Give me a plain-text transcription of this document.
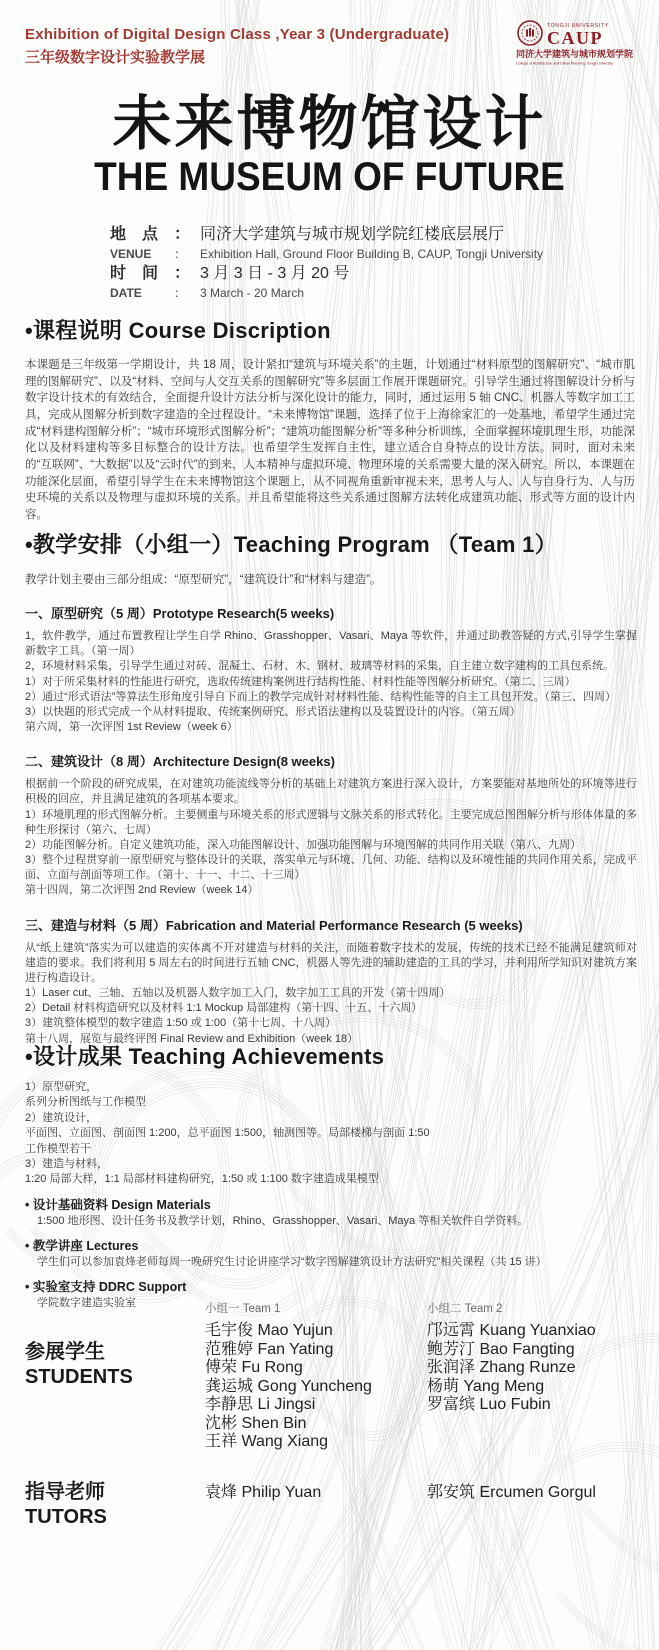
Exhibition of Digital Design Class ,Year 3 (Undergraduate)
三年级数字设计实验教学展
TONGJI UNIVERSITY
CAUP
同济大学建筑与城市规划学院
College of Architecture and Urban Planning, Tongji University
未来博物馆设计
THE MUSEUM OF FUTURE
地　点 ： 同济大学建筑与城市规划学院红楼底层展厅
VENUE	：	Exhibition Hall, Ground Floor Building B, CAUP, Tongji University
时　间 ： 3 月 3 日 - 3 月 20 号
DATE	：	3 March - 20 March
•课程说明 Course Discription
本课题是三年级第一学期设计，共 18 周，设计紧扣“建筑与环境关系”的主题，计划通过“材料原型的图解研究”、“城市肌理的图解研究”、以及“材料、空间与人交互关系的图解研究”等多层面工作展开课题研究。引导学生通过将图解设计分析与数字设计技术的有效结合，全面提升设计方法分析与深化设计的能力，同时，通过运用 5 轴 CNC、机器人等数字加工工具，完成从图解分析到数字建造的全过程设计。“未来博物馆”课题，选择了位于上海徐家汇的一处基地，希望学生通过完成“材料建构图解分析”；“城市环境形式图解分析”；“建筑功能图解分析”等多种分析训练，全面掌握环境肌理生形，功能深化以及材料建构等多目标整合的设计方法。也希望学生发挥自主性，建立适合自身特点的设计方法。同时，面对未来的“互联网”、“大数据”以及“云时代”的到来，人本精神与虚拟环境、物理环境的关系需要大量的深入研究。所以，本课题在功能深化层面，希望引导学生在未来博物馆这个课题上，从不同视角重新审视未来，思考人与人、人与自身行为、人与历史环境的关系以及物理与虚拟环境的关系。并且希望能将这些关系通过图解方法转化成建筑功能、形式等方面的设计内容。
•教学安排（小组一）Teaching Program （Team 1）
教学计划主要由三部分组成：“原型研究”，“建筑设计”和“材料与建造”。
一、原型研究（5 周）Prototype Research(5 weeks)
1，软件教学，通过布置教程让学生自学 Rhino、Grasshopper、Vasari、Maya 等软件，并通过助教答疑的方式,引导学生掌握新数字工具。（第一周）
2，环境材料采集，引导学生通过对砖、混凝土、石材、木、钢材、玻璃等材料的采集，自主建立数字建构的工具包系统。
1）对于所采集材料的性能进行研究，选取传统建构案例进行结构性能、材料性能等图解分析研究。（第二、三周）
2）通过“形式语法”等算法生形角度引导自下而上的教学完成针对材料性能、结构性能等的自主工具包开发。（第三、四周）
3）以快题的形式完成一个从材料提取、传统案例研究、形式语法建构以及装置设计的内容。（第五周）
第六周，第一次评图 1st Review（week 6）
二、建筑设计（8 周）Architecture Design(8 weeks)
根据前一个阶段的研究成果，在对建筑功能流线等分析的基础上对建筑方案进行深入设计，方案要能对基地所处的环境等进行积极的回应，并且满足建筑的各项基本要求。
1）环境肌理的形式图解分析。主要侧重与环境关系的形式逻辑与文脉关系的形式转化。主要完成总图图解分析与形体体量的多种生形探讨（第六、七周）
2）功能图解分析。自定义建筑功能，深入功能图解设计、加强功能图解与环境图解的共同作用关联（第八、九周）
3）整个过程贯穿前一原型研究与整体设计的关联，落实单元与环境、几何、功能、结构以及环境性能的共同作用关系，完成平面、立面与剖面等项工作。（第十、十一、十二、十三周）
第十四周，第二次评图 2nd Review（week 14）
三、建造与材料（5 周）Fabrication and Material Performance Research (5 weeks)
从“纸上建筑”落实为可以建造的实体离不开对建造与材料的关注，而随着数字技术的发展，传统的技术已经不能满足建筑师对建造的要求。我们将利用 5 周左右的时间进行五轴 CNC，机器人等先进的辅助建造的工具的学习，并利用所学知识对建筑方案进行构造设计。
1）Laser cut、三轴、五轴以及机器人数字加工入门，数字加工工具的开发（第十四周）
2）Detail 材料构造研究以及材料 1:1 Mockup 局部建构（第十四、十五、十六周）
3）建筑整体模型的数字建造 1:50 或 1:00（第十七周、十八周）
第十八周，展览与最终评图 Final Review and Exhibition（week 18）
•设计成果 Teaching Achievements
1）原型研究，
系列分析图纸与工作模型
2）建筑设计，
平面图、立面图、剖面图 1:200，总平面图 1:500，轴测图等。局部楼梯与剖面 1:50
工作模型若干
3）建造与材料，
1:20 局部大样，1:1 局部材料建构研究，1:50 或 1:100 数字建造成果模型
• 设计基础资料 Design Materials
1:500 地形图、设计任务书及教学计划，Rhino、Grasshopper、Vasari、Maya 等相关软件自学资料。
• 教学讲座 Lectures
学生们可以参加袁烽老师每周一晚研究生讨论讲座学习“数字图解建筑设计方法研究”相关课程（共 15 讲）
• 实验室支持 DDRC Support
学院数字建造实验室
参展学生
STUDENTS
小组一 Team 1
毛宇俊 Mao Yujun
范雅婷 Fan Yating
傅荣 Fu Rong
龚运城 Gong Yuncheng
李静思 Li Jingsi
沈彬 Shen Bin
王祥 Wang Xiang
小组二 Team 2
邝远霄 Kuang Yuanxiao
鲍芳汀 Bao Fangting
张润泽 Zhang Runze
杨萌 Yang Meng
罗富缤 Luo Fubin
指导老师
TUTORS
袁烽 Philip Yuan	郭安筑 Ercumen Gorgul
